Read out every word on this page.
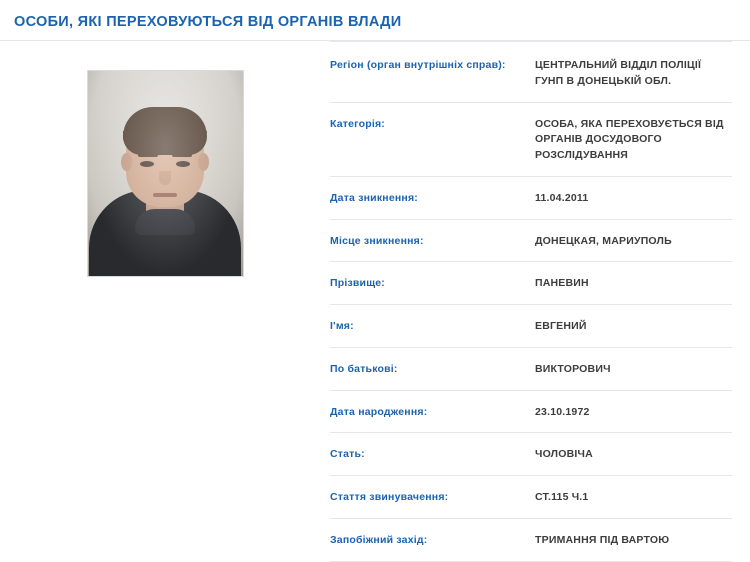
ОСОБИ, ЯКІ ПЕРЕХОВУЮТЬСЯ ВІД ОРГАНІВ ВЛАДИ
Регіон (орган внутрішніх справ):	ЦЕНТРАЛЬНИЙ ВІДДІЛ ПОЛІЦІЇ ГУНП В ДОНЕЦЬКІЙ ОБЛ.
Категорія:	ОСОБА, ЯКА ПЕРЕХОВУЄТЬСЯ ВІД ОРГАНІВ ДОСУДОВОГО РОЗСЛІДУВАННЯ
Дата зникнення:	11.04.2011
Місце зникнення:	ДОНЕЦКАЯ, МАРИУПОЛЬ
Прізвище:	ПАНЕВИН
І'мя:	ЕВГЕНИЙ
По батькові:	ВИКТОРОВИЧ
Дата народження:	23.10.1972
Стать:	ЧОЛОВІЧА
Стаття звинувачення:	СТ.115 Ч.1
Запобіжний захід:	ТРИМАННЯ ПІД ВАРТОЮ
